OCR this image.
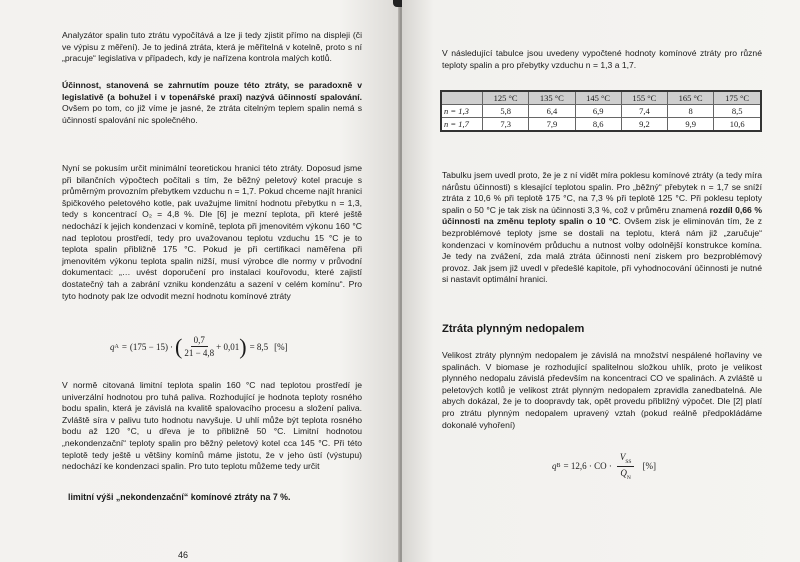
Analyzátor spalin tuto ztrátu vypočítává a lze ji tedy zjistit přímo na displeji (či ve výpisu z měření). Je to jediná ztráta, která je měřitelná v kotelně, proto s ní „pracuje“ legislativa v případech, kdy je nařízena kontrola malých kotlů.

Účinnost, stanovená se zahrnutím pouze této ztráty, se paradoxně v legislativě (a bohužel i v topenářské praxi) nazývá účinností spalování. Ovšem po tom, co již víme je jasné, že ztráta citelným teplem spalin nemá s účinností spalování nic společného.

Nyní se pokusím určit minimální teoretickou hranici této ztráty. Doposud jsme při bilančních výpočtech počítali s tím, že běžný peletový kotel pracuje s průměrným provozním přebytkem vzduchu n = 1,7. Pokud chceme najít hranici špičkového peletového kotle, pak uvažujme limitní hodnotu přebytku n = 1,3, tedy s koncentrací O₂ = 4,8 %. Dle [6] je mezní teplota, při které ještě nedochází k jejich kondenzaci v komíně, teplota při jmenovitém výkonu 160 °C nad teplotou prostředí, tedy pro uvažovanou teplotu vzduchu 15 °C je to teplota spalin přibližně 175 °C. Pokud je při certifikaci naměřena při jmenovitém výkonu teplota spalin nižší, musí výrobce dle normy v průvodní dokumentaci: „… uvést doporučení pro instalaci kouřovodu, které zajistí dostatečný tah a zabrání vzniku kondenzátu a sazení v celém komínu“. Pro tyto hodnoty pak lze odvodit mezní hodnotu komínové ztráty

q A = (175 − 15) · ( $\frac{0,7}{21 - 4,8} + 0,01$ ) = 8,5 [%]

V normě citovaná limitní teplota spalin 160 °C nad teplotou prostředí je univerzální hodnotou pro tuhá paliva. Rozhodující je hodnota teploty rosného bodu spalin, která je závislá na kvalitě spalovacího procesu a složení paliva. Zvláště síra v palivu tuto hodnotu navyšuje. U uhlí může být teplota rosného bodu až 120 °C, u dřeva je to přibližně 50 °C. Limitní hodnotou „nekondenzační“ teploty spalin pro běžný peletový kotel cca 145 °C. Při této teplotě tedy ještě u většiny komínů máme jistotu, že v jeho ústí (výstupu) nedochází ke kondenzaci spalin. Pro tuto teplotu můžeme tedy určit

limitní výši „nekondenzační“ komínové ztráty na 7 %.
46

V následující tabulce jsou uvedeny vypočtené hodnoty komínové ztráty pro různé teploty spalin a pro přebytky vzduchu n = 1,3 a 1,7.

	125 °C	135 °C	145 °C	155 °C	165 °C	175 °C
n = 1,3	5,8	6,4	6,9	7,4	8	8,5
n = 1,7	7,3	7,9	8,6	9,2	9,9	10,6

Tabulku jsem uvedl proto, že je z ní vidět míra poklesu komínové ztráty (a tedy míra nárůstu účinnosti) s klesající teplotou spalin. Pro „běžný“ přebytek n = 1,7 se sníží ztráta z 10,6 % při teplotě 175 °C, na 7,3 % při teplotě 125 °C. Při poklesu teploty spalin o 50 °C je tak zisk na účinnosti 3,3 %, což v průměru znamená rozdíl 0,66 % účinnosti na změnu teploty spalin o 10 °C. Ovšem zisk je eliminován tím, že z bezproblémové teploty jsme se dostali na teplotu, která nám již „zaručuje“ kondenzaci v komínovém průduchu a nutnost volby odolnější konstrukce komína. Je tedy na zvážení, zda malá ztráta účinnosti není ziskem pro bezproblémový provoz. Jak jsem již uvedl v předešlé kapitole, při vyhodnocování účinnosti je nutné si nastavit optimální hranici.

Ztráta plynným nedopalem

Velikost ztráty plynným nedopalem je závislá na množství nespálené hořlaviny ve spalinách. V biomase je rozhodující spalitelnou složkou uhlík, proto je velikost plynného nedopalu závislá především na koncentraci CO ve spalinách. A zvláště u peletových kotlů je velikost ztrát plynným nedopalem zpravidla zanedbatelná. Ale abych dokázal, že je to doopravdy tak, opět provedu přibližný výpočet. Dle [2] platí pro ztrátu plynným nedopalem upravený vztah (pokud reálně předpokládáme dokonalé vyhoření)

q B = 12,6 · CO · $\frac{V_{SS}}{Q_N}$ [%]
